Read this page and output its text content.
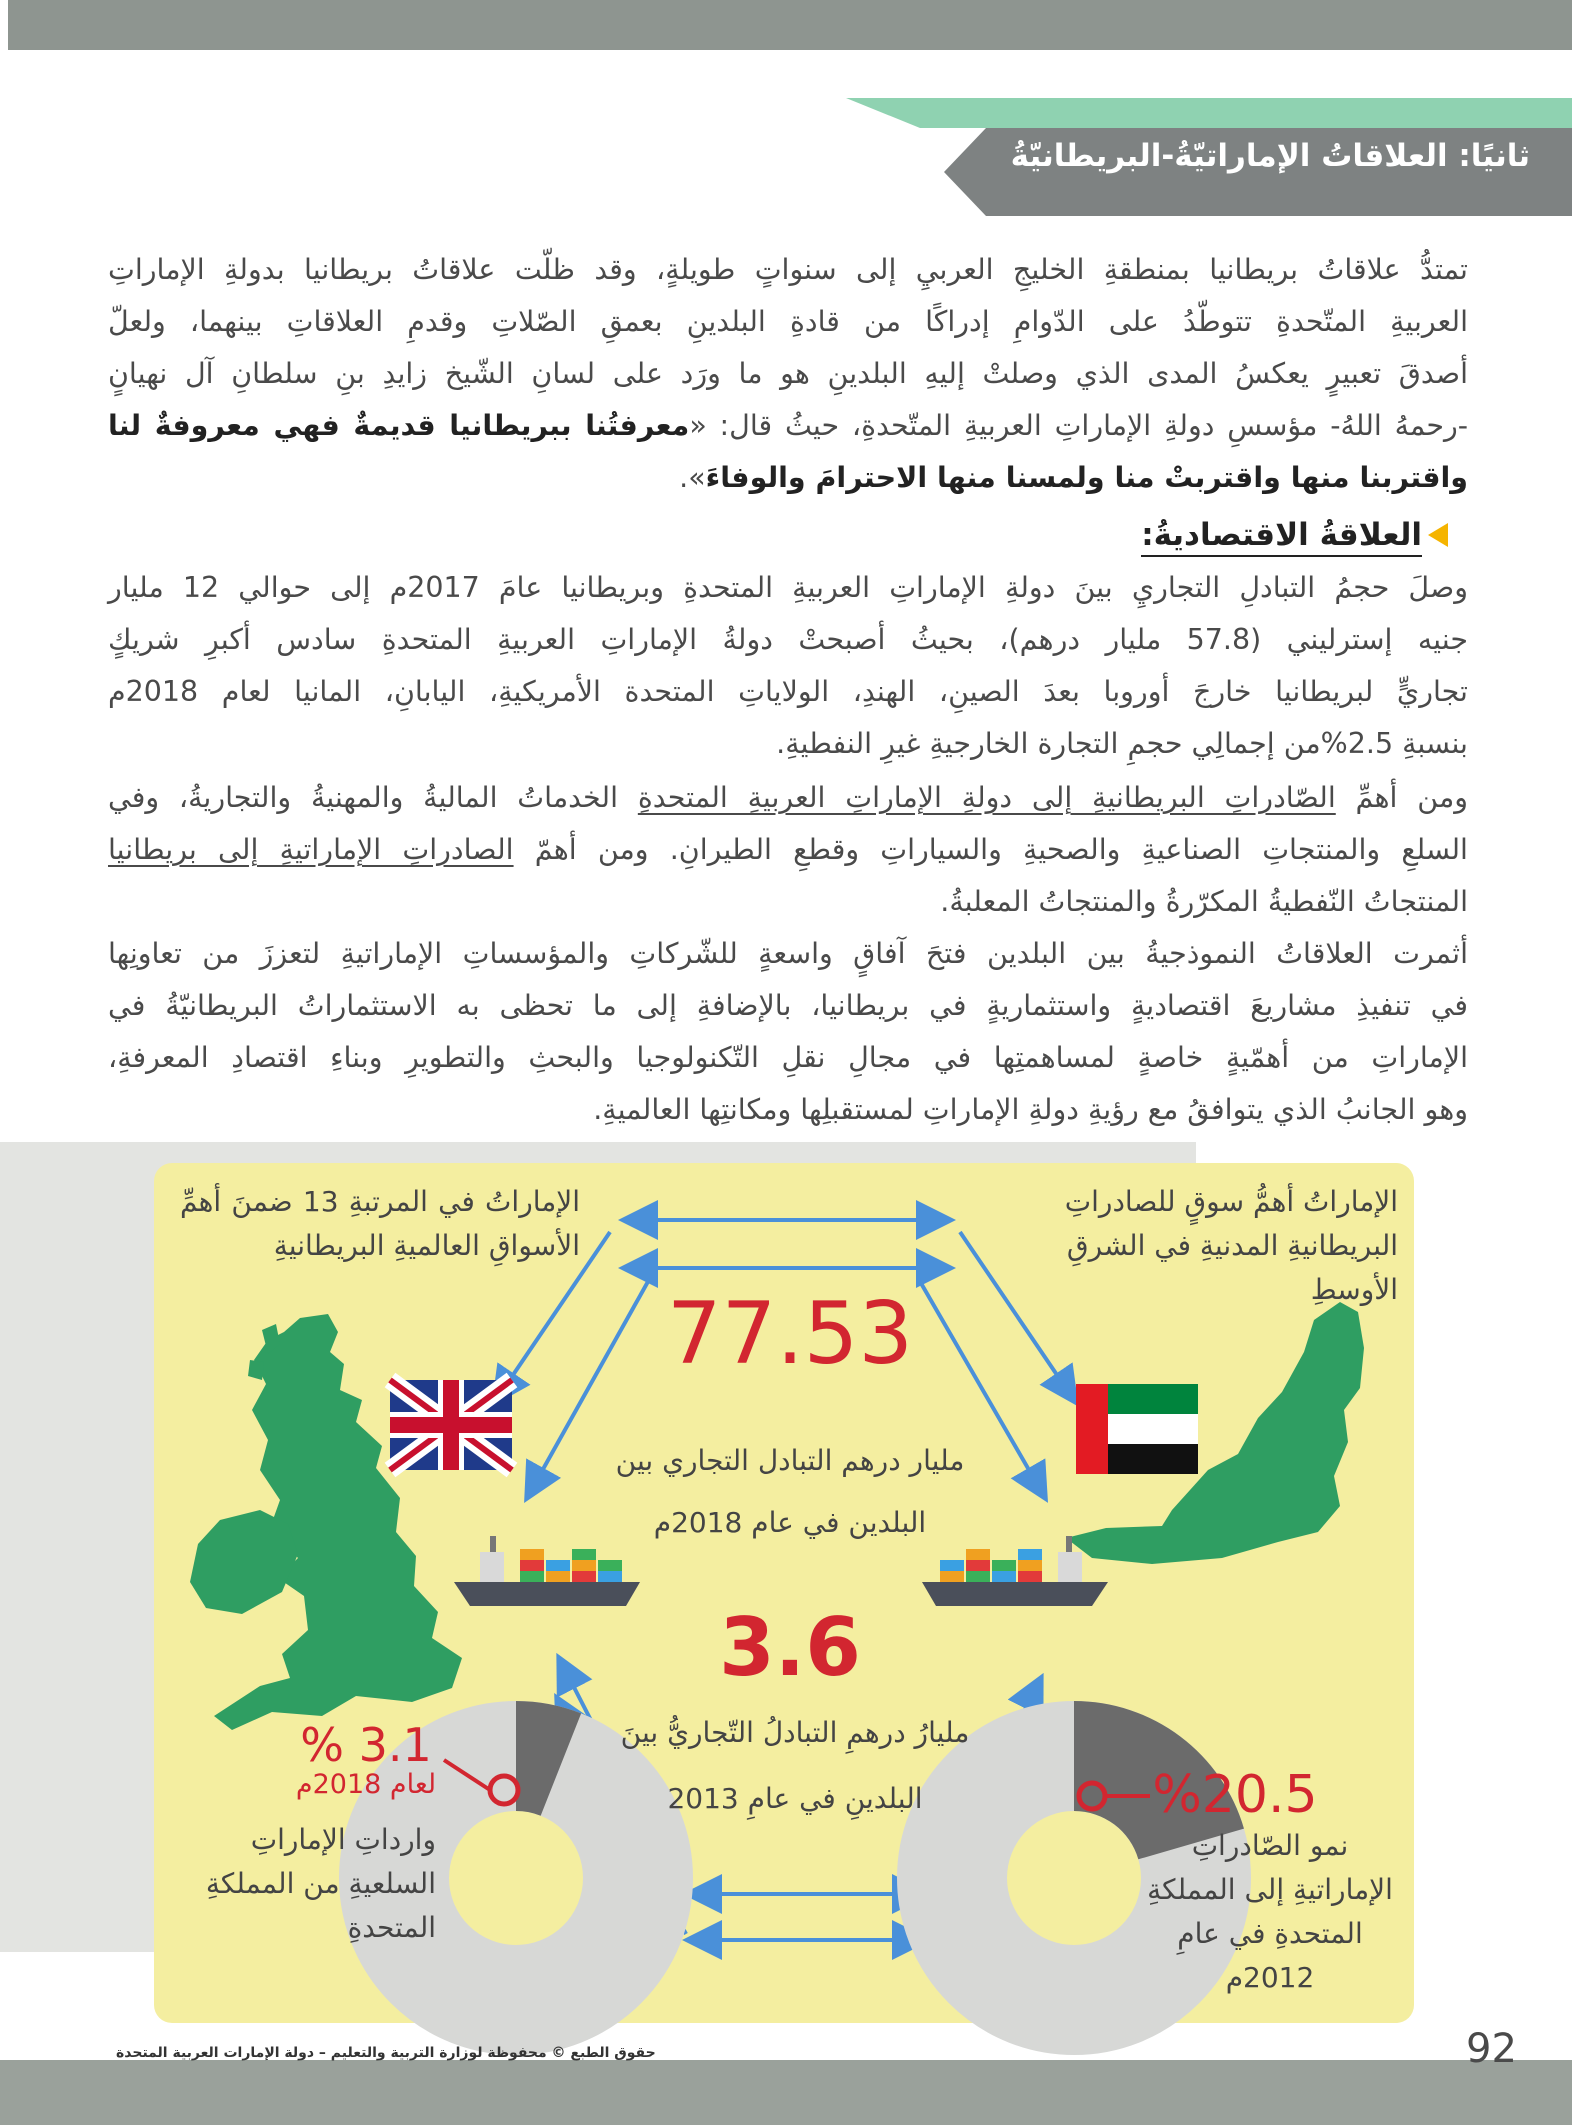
ثانيًا: العلاقاتُ الإماراتيّةُ-البريطانيّةُ
تمتدُّ علاقاتُ بريطانيا بمنطقةِ الخليجِ العربيِ إلى سنواتٍ طويلةٍ، وقد ظلّت علاقاتُ بريطانيا بدولةِ الإماراتِ
العربيةِ المتّحدةِ تتوطّدُ على الدّوامِ إدراكًا من قادةِ البلدينِ بعمقِ الصّلاتِ وقدمِ العلاقاتِ بينهما، ولعلّ
أصدقَ تعبيرٍ يعكسُ المدى الذي وصلتْ إليهِ البلدينِ هو ما ورَد على لسانِ الشّيخ زايدِ بنِ سلطانِ آل نهيانٍ
-رحمهُ اللهُ- مؤسسِ دولةِ الإماراتِ العربيةِ المتّحدةِ، حيثُ قال: «معرفتُنا ببريطانيا قديمةٌ فهي معروفةٌ لنا
واقتربنا منها واقتربتْ منا ولمسنا منها الاحترامَ والوفاءَ».
العلاقةُ الاقتصاديةُ:
وصلَ حجمُ التبادلِ التجاريِ بينَ دولةِ الإماراتِ العربيةِ المتحدةِ وبريطانيا عامَ 2017م إلى حوالي 12 مليار
جنيه إسترليني (57.8 مليار درهم)، بحيثُ أصبحتْ دولةُ الإماراتِ العربيةِ المتحدةِ سادس أكبرِ شريكٍ
تجاريٍّ لبريطانيا خارجَ أوروبا بعدَ الصينِ، الهندِ، الولاياتِ المتحدة الأمريكيةِ، اليابانِ، المانيا لعام 2018م
بنسبةِ 2.5%من إجمالِي حجمِ التجارة الخارجيةِ غيرِ النفطيةِ.
ومن أهمِّ الصّادراتِ البريطانيةِ إلى دولةِ الإماراتِ العربيةِ المتحدةِ الخدماتُ الماليةُ والمهنيةُ والتجاريةُ، وفي
السلعِ والمنتجاتِ الصناعيةِ والصحيةِ والسياراتِ وقطعِ الطيرانِ. ومن أهمّ الصادراتِ الإماراتيةِ إلى بريطانيا
المنتجاتُ النّفطيةُ المكرّرةُ والمنتجاتُ المعلبةُ.
أثمرت العلاقاتُ النموذجيةُ بين البلدين فتحَ آفاقٍ واسعةٍ للشّركاتِ والمؤسساتِ الإماراتيةِ لتعززَ من تعاونِها
في تنفيذِ مشاريعَ اقتصاديةٍ واستثماريةٍ في بريطانيا، بالإضافةِ إلى ما تحظى به الاستثماراتُ البريطانيّةُ في
الإماراتِ من أهمّيةٍ خاصةٍ لمساهمتِها في مجالِ نقلِ التّكنولوجيا والبحثِ والتطويرِ وبناءِ اقتصادِ المعرفةِ،
وهو الجانبُ الذي يتوافقُ مع رؤيةِ دولةِ الإماراتِ لمستقبلِها ومكانتِها العالميةِ.
الإماراتُ في المرتبةِ 13 ضمنَ أهمِّ الأسواقِ العالميةِ البريطانيةِ
الإماراتُ أهمُّ سوقٍ للصادراتِ
البريطانيةِ المدنيةِ في الشرقِ
الأوسطِ
77.53
مليار درهم التبادل التجاري بين
البلدين في عام 2018م
3.6
مليارُ درهمِ التبادلُ التّجاريُّ بينَ
البلدينِ في عامِ 2013
% 3.1
لعام 2018م
وارداتِ الإماراتِ
السلعيةِ من المملكةِ
المتحدةِ
%20.5
نمو الصّادراتِ
الإماراتيةِ إلى المملكةِ
المتحدةِ في عامِ
2012م
92
حقوق الطبع © محفوظة لوزارة التربية والتعليم – دولة الإمارات العربية المتحدة
